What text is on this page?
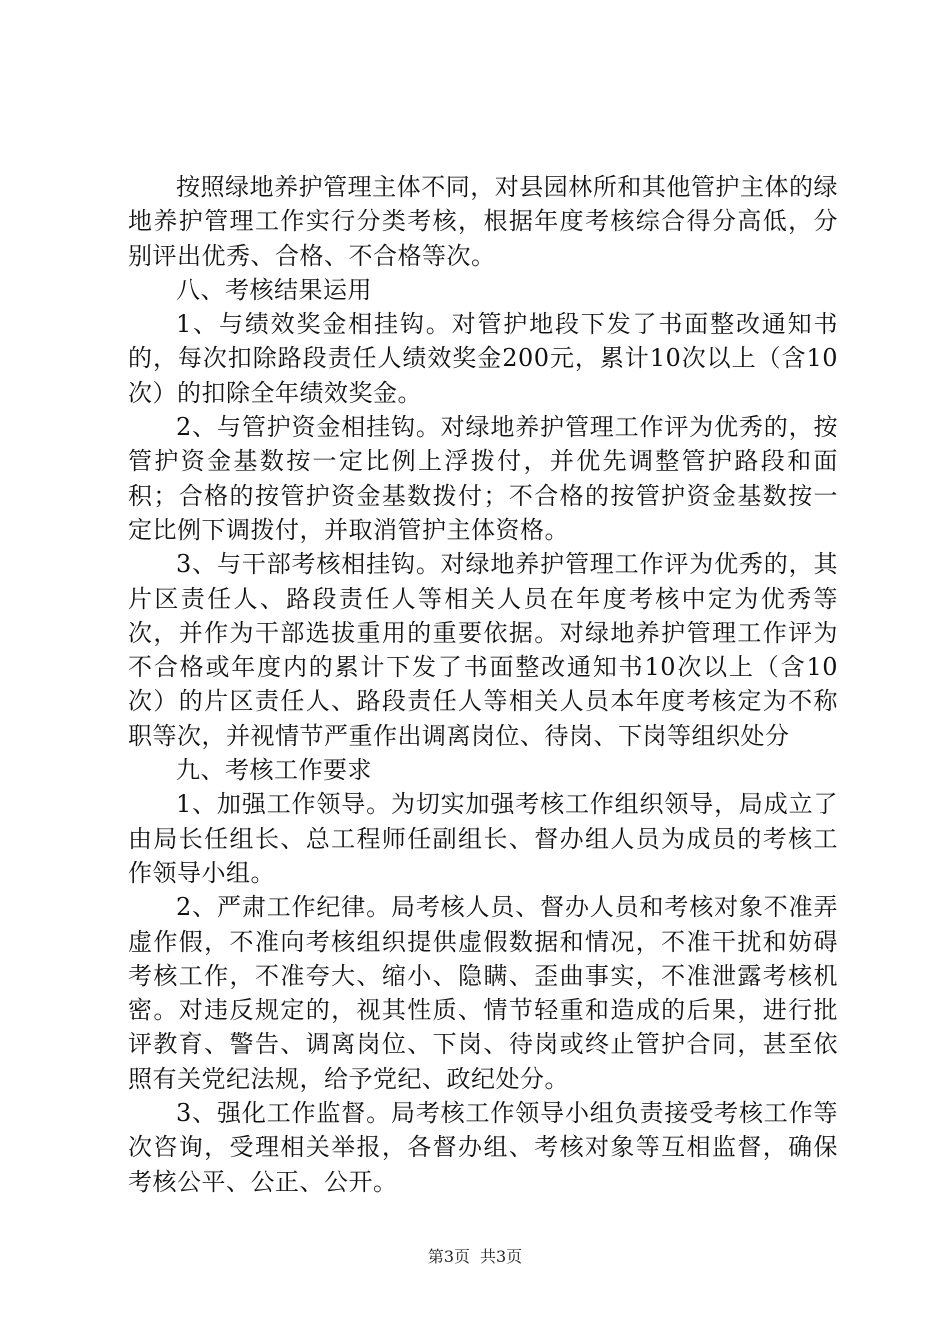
按照绿地养护管理主体不同，对县园林所和其他管护主体的绿地养护管理工作实行分类考核，根据年度考核综合得分高低，分别评出优秀、合格、不合格等次。

八、考核结果运用

1、与绩效奖金相挂钩。对管护地段下发了书面整改通知书的，每次扣除路段责任人绩效奖金200元，累计10次以上（含10次）的扣除全年绩效奖金。

2、与管护资金相挂钩。对绿地养护管理工作评为优秀的，按管护资金基数按一定比例上浮拨付，并优先调整管护路段和面积；合格的按管护资金基数拨付；不合格的按管护资金基数按一定比例下调拨付，并取消管护主体资格。

3、与干部考核相挂钩。对绿地养护管理工作评为优秀的，其片区责任人、路段责任人等相关人员在年度考核中定为优秀等次，并作为干部选拔重用的重要依据。对绿地养护管理工作评为不合格或年度内的累计下发了书面整改通知书10次以上（含10次）的片区责任人、路段责任人等相关人员本年度考核定为不称职等次，并视情节严重作出调离岗位、待岗、下岗等组织处分

九、考核工作要求

1、加强工作领导。为切实加强考核工作组织领导，局成立了由局长任组长、总工程师任副组长、督办组人员为成员的考核工作领导小组。

2、严肃工作纪律。局考核人员、督办人员和考核对象不准弄虚作假，不准向考核组织提供虚假数据和情况，不准干扰和妨碍考核工作，不准夸大、缩小、隐瞒、歪曲事实，不准泄露考核机密。对违反规定的，视其性质、情节轻重和造成的后果，进行批评教育、警告、调离岗位、下岗、待岗或终止管护合同，甚至依照有关党纪法规，给予党纪、政纪处分。

3、强化工作监督。局考核工作领导小组负责接受考核工作等次咨询，受理相关举报，各督办组、考核对象等互相监督，确保考核公平、公正、公开。

第3页 共3页
